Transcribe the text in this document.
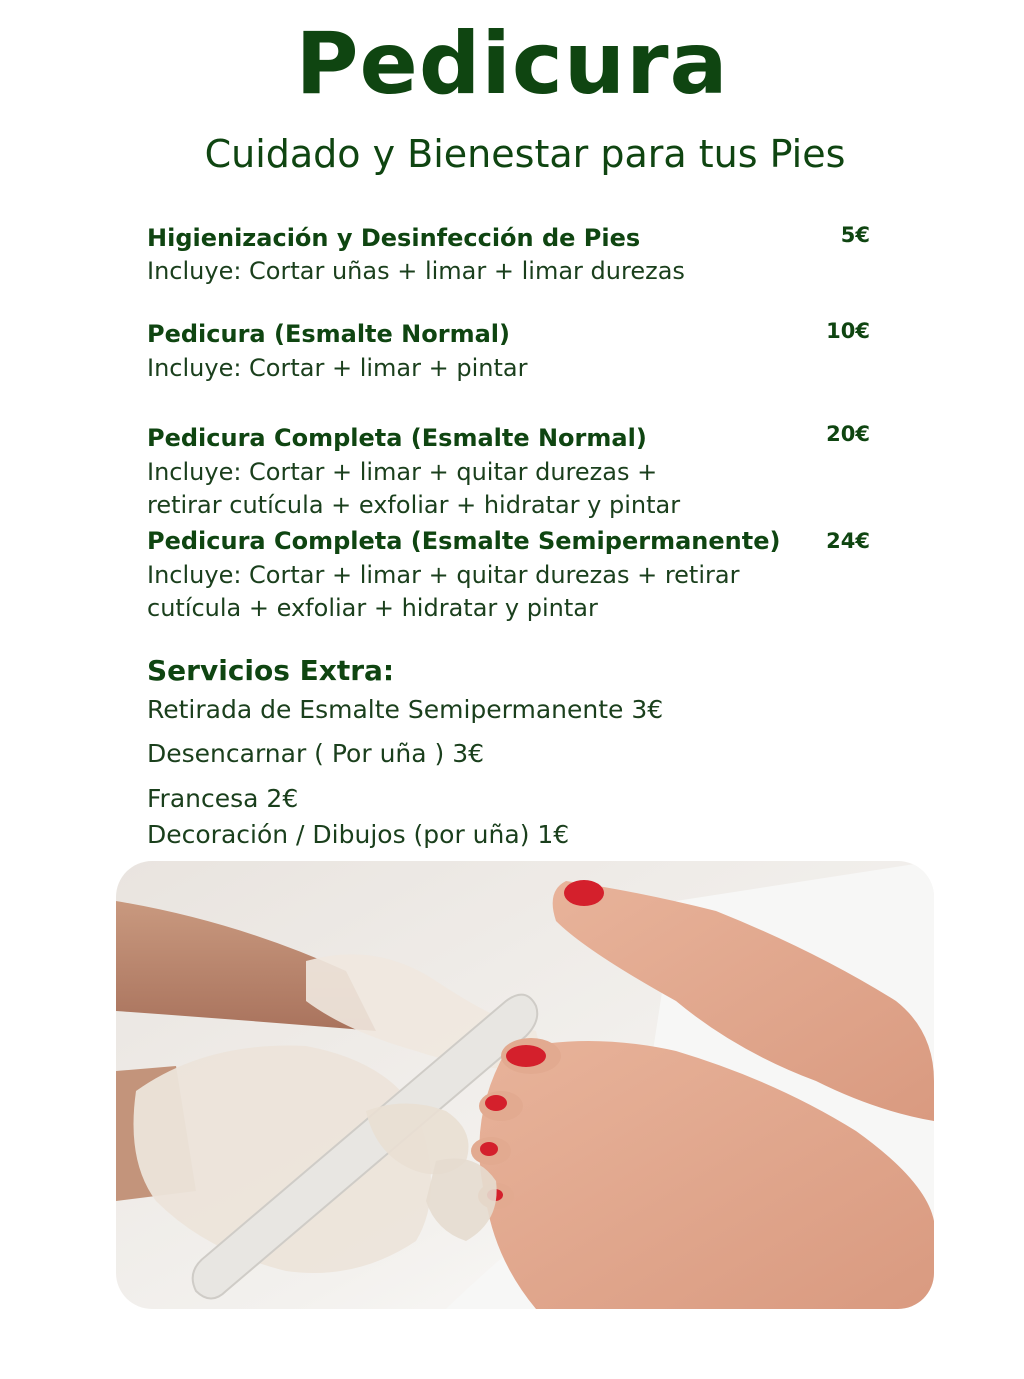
Pedicura
Cuidado y Bienestar para tus Pies
Higienización y Desinfección de Pies	5€
Incluye: Cortar uñas + limar + limar durezas
Pedicura (Esmalte Normal)	10€
Incluye: Cortar + limar + pintar
Pedicura Completa (Esmalte Normal)	20€
Incluye: Cortar + limar + quitar durezas +
retirar cutícula + exfoliar + hidratar y pintar
Pedicura Completa (Esmalte Semipermanente) 24€
Incluye: Cortar + limar + quitar durezas + retirar
cutícula + exfoliar + hidratar y pintar
Servicios Extra:
Retirada de Esmalte Semipermanente 3€
Desencarnar ( Por uña ) 3€
Francesa 2€
Decoración / Dibujos (por uña) 1€
